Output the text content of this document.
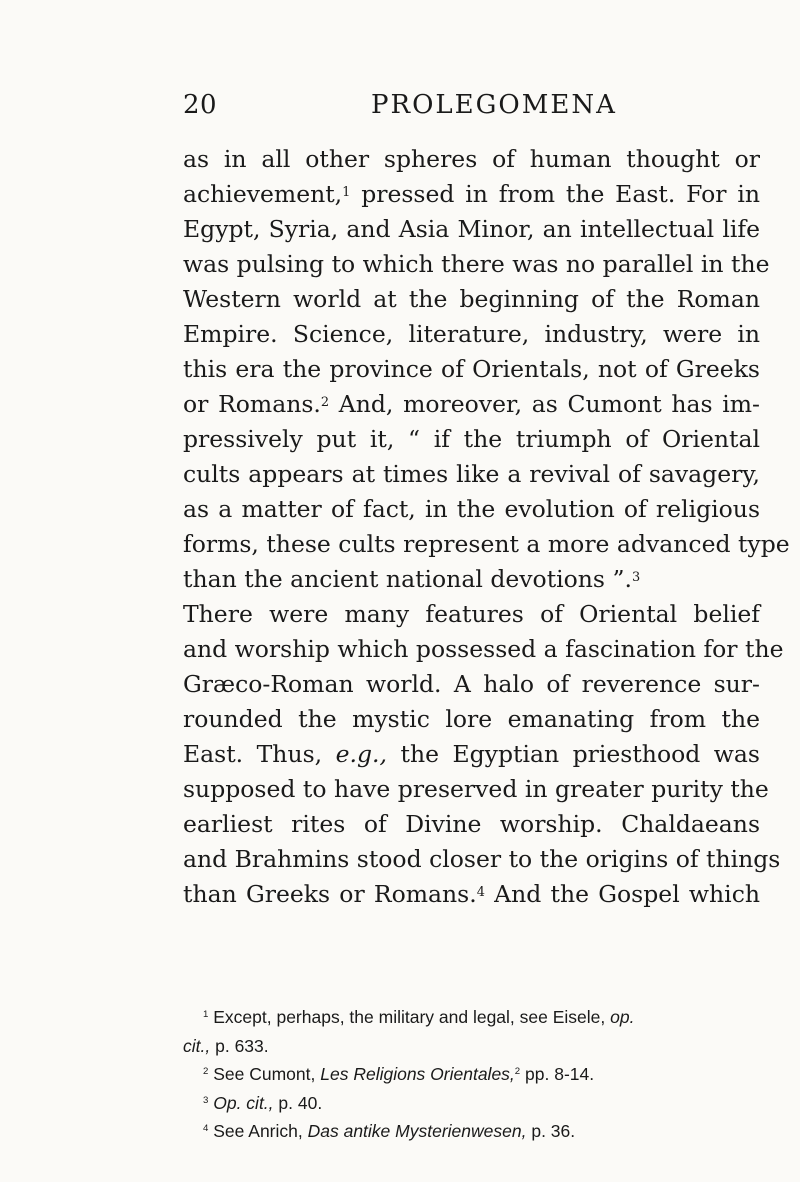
20	PROLEGOMENA
as in all other spheres of human thought or
achievement,$^1$ pressed in from the East. For in
Egypt, Syria, and Asia Minor, an intellectual life
was pulsing to which there was no parallel in the
Western world at the beginning of the Roman
Empire. Science, literature, industry, were in
this era the province of Orientals, not of Greeks
or Romans.$^2$ And, moreover, as Cumont has im-
pressively put it, “ if the triumph of Oriental
cults appears at times like a revival of savagery,
as a matter of fact, in the evolution of religious
forms, these cults represent a more advanced type
than the ancient national devotions ”.$^3$
There were many features of Oriental belief
and worship which possessed a fascination for the
Græco-Roman world. A halo of reverence sur-
rounded the mystic lore emanating from the
East. Thus, e.g., the Egyptian priesthood was
supposed to have preserved in greater purity the
earliest rites of Divine worship. Chaldaeans
and Brahmins stood closer to the origins of things
than Greeks or Romans.$^4$ And the Gospel which
$^1$ Except, perhaps, the military and legal, see Eisele, op.
cit., p. 633.
$^2$ See Cumont, Les Religions Orientales,$^2$ pp. 8-14.
$^3$ Op. cit., p. 40.
$^4$ See Anrich, Das antike Mysterienwesen, p. 36.
